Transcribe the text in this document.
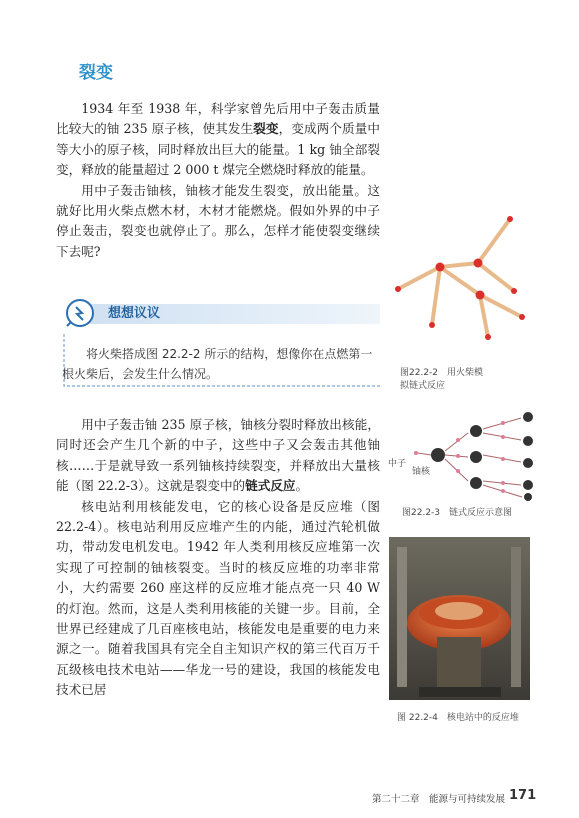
裂变

1934 年至 1938 年，科学家曾先后用中子轰击质量比较大的铀 235 原子核，使其发生裂变，变成两个质量中等大小的原子核，同时释放出巨大的能量。1 kg 铀全部裂变，释放的能量超过 2 000 t 煤完全燃烧时释放的能量。

用中子轰击铀核，铀核才能发生裂变，放出能量。这就好比用火柴点燃木材，木材才能燃烧。假如外界的中子停止轰击，裂变也就停止了。那么，怎样才能使裂变继续下去呢?

想想议议

将火柴搭成图 22.2-2 所示的结构，想像你在点燃第一根火柴后，会发生什么情况。

用中子轰击铀 235 原子核，铀核分裂时释放出核能，同时还会产生几个新的中子，这些中子又会轰击其他铀核……于是就导致一系列铀核持续裂变，并释放出大量核能（图 22.2-3）。这就是裂变中的链式反应。

核电站利用核能发电，它的核心设备是反应堆（图 22.2-4）。核电站利用反应堆产生的内能，通过汽轮机做功，带动发电机发电。1942 年人类利用核反应堆第一次实现了可控制的铀核裂变。当时的核反应堆的功率非常小，大约需要 260 座这样的反应堆才能点亮一只 40 W 的灯泡。然而，这是人类利用核能的关键一步。目前，全世界已经建成了几百座核电站，核能发电是重要的电力来源之一。随着我国具有完全自主知识产权的第三代百万千瓦级核电技术电站——华龙一号的建设，我国的核能发电技术已居

图22.2-2　用火柴模
拟链式反应
中子
铀核
图22.2-3　链式反应示意图
图 22.2-4　核电站中的反应堆
第二十二章　能源与可持续发展 171
